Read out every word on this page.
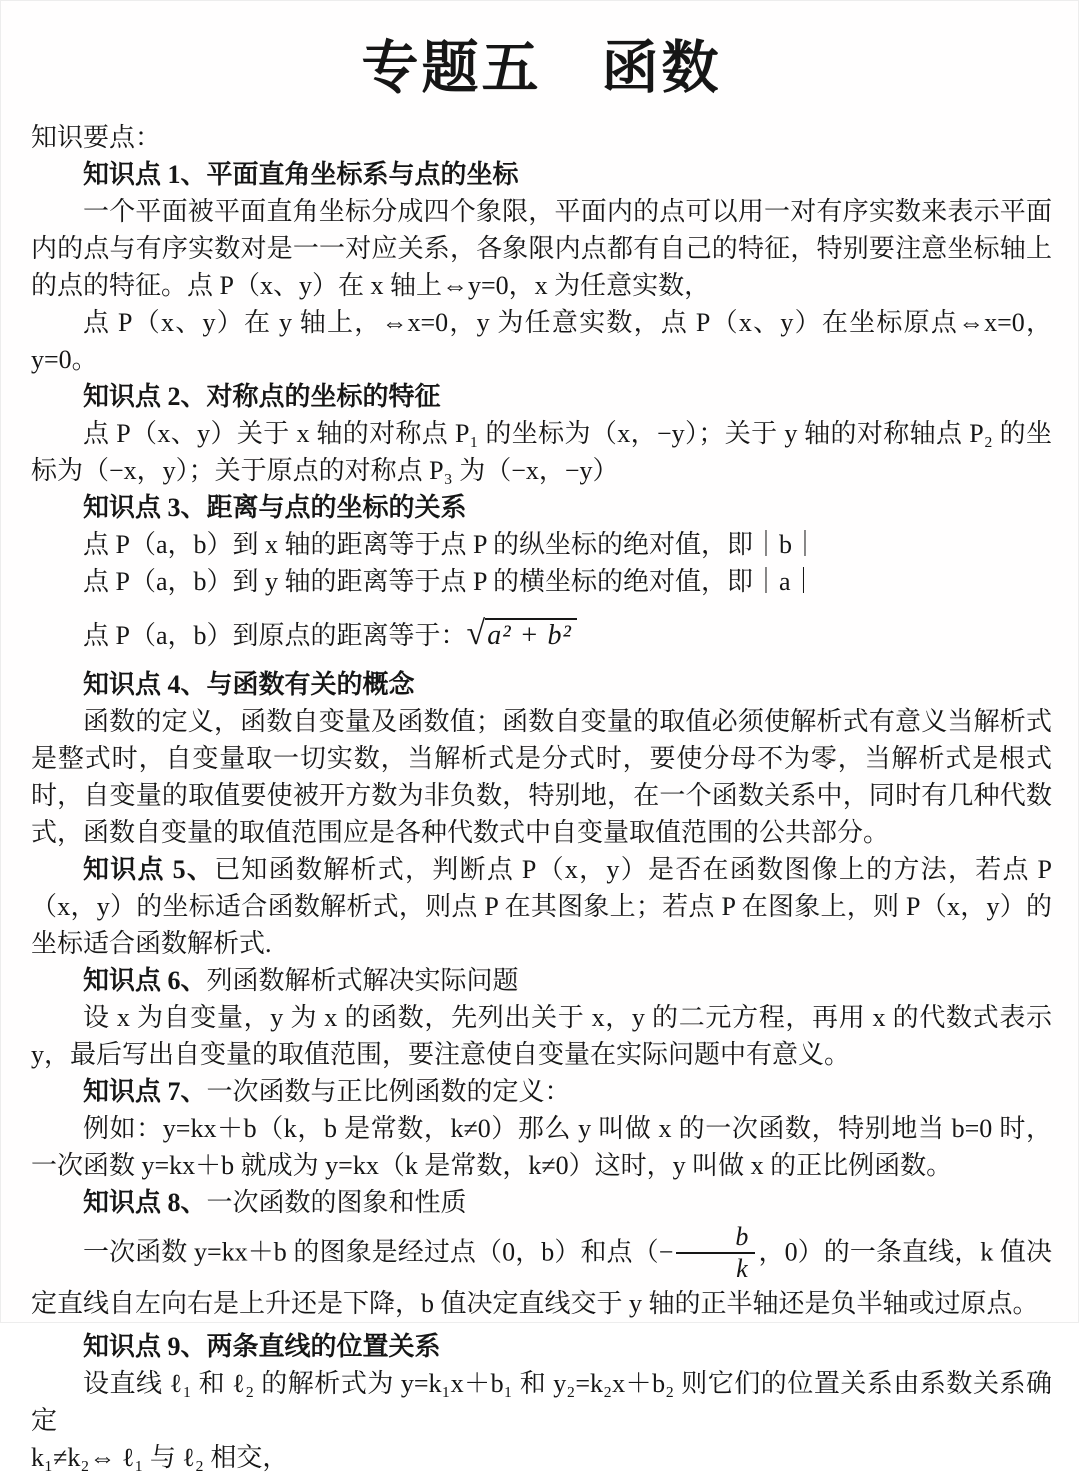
专题五　函数

知识要点：

知识点 1、平面直角坐标系与点的坐标

一个平面被平面直角坐标分成四个象限，平面内的点可以用一对有序实数来表示平面内的点与有序实数对是一一对应关系，各象限内点都有自己的特征，特别要注意坐标轴上的点的特征。点 P（x、y）在 x 轴上⇔y=0，x 为任意实数，

点 P（x、y）在 y 轴上，⇔x=0，y 为任意实数，点 P（x、y）在坐标原点⇔x=0，y=0。

知识点 2、对称点的坐标的特征

点 P（x、y）关于 x 轴的对称点 P₁ 的坐标为（x，−y）；关于 y 轴的对称轴点 P₂ 的坐标为（−x，y）；关于原点的对称点 P₃ 为（−x，−y）

知识点 3、距离与点的坐标的关系

点 P（a，b）到 x 轴的距离等于点 P 的纵坐标的绝对值，即｜b｜

点 P（a，b）到 y 轴的距离等于点 P 的横坐标的绝对值，即｜a｜

点 P（a，b）到原点的距离等于：√a² + b²

知识点 4、与函数有关的概念

函数的定义，函数自变量及函数值；函数自变量的取值必须使解析式有意义当解析式是整式时，自变量取一切实数，当解析式是分式时，要使分母不为零，当解析式是根式时，自变量的取值要使被开方数为非负数，特别地，在一个函数关系中，同时有几种代数式，函数自变量的取值范围应是各种代数式中自变量取值范围的公共部分。

知识点 5、已知函数解析式，判断点 P（x，y）是否在函数图像上的方法，若点 P（x，y）的坐标适合函数解析式，则点 P 在其图象上；若点 P 在图象上，则 P（x，y）的坐标适合函数解析式.

知识点 6、列函数解析式解决实际问题

设 x 为自变量，y 为 x 的函数，先列出关于 x，y 的二元方程，再用 x 的代数式表示 y，最后写出自变量的取值范围，要注意使自变量在实际问题中有意义。

知识点 7、一次函数与正比例函数的定义：

例如：y=kx＋b（k，b 是常数，k≠0）那么 y 叫做 x 的一次函数，特别地当 b=0 时，一次函数 y=kx＋b 就成为 y=kx（k 是常数，k≠0）这时，y 叫做 x 的正比例函数。

知识点 8、一次函数的图象和性质

一次函数 y=kx＋b 的图象是经过点（0，b）和点（− $\frac{b}{k}$ ，0）的一条直线，k 值决定直线自左向右是上升还是下降，b 值决定直线交于 y 轴的正半轴还是负半轴或过原点。

知识点 9、两条直线的位置关系

设直线 ℓ₁ 和 ℓ₂ 的解析式为 y=k₁x＋b₁ 和 y₂=k₂x＋b₂ 则它们的位置关系由系数关系确定

k₁≠k₂⇔ ℓ₁ 与 ℓ₂ 相交，
